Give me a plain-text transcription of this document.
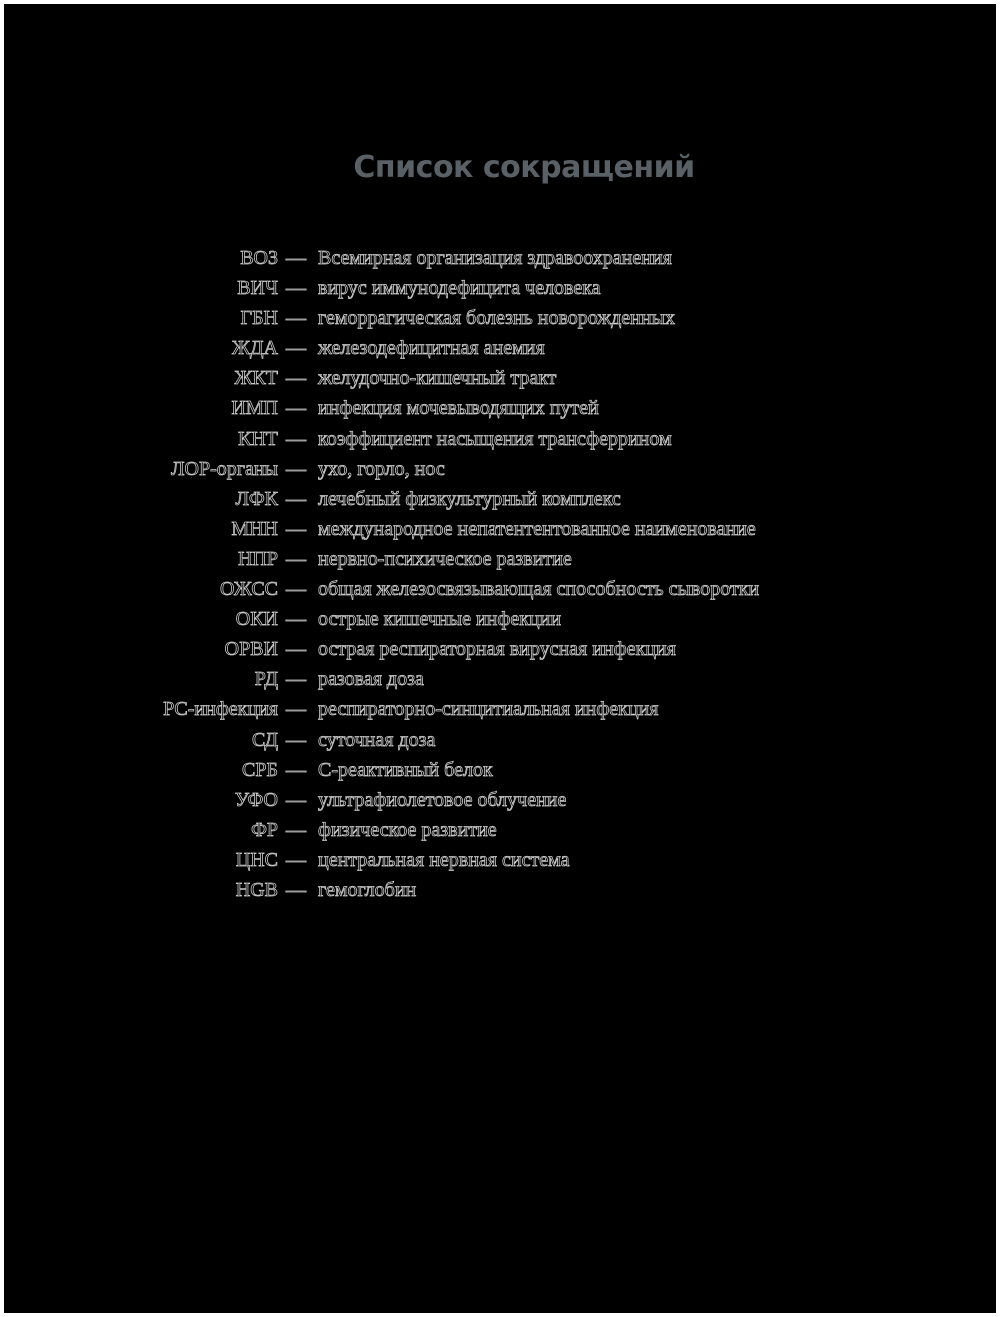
Список сокращений
ВОЗ — Всемирная организация здравоохранения
ВИЧ — вирус иммунодефицита человека
ГБН — геморрагическая болезнь новорожденных
ЖДА — железодефицитная анемия
ЖКТ — желудочно-кишечный тракт
ИМП — инфекция мочевыводящих путей
КНТ — коэффициент насыщения трансферрином
ЛОР-органы — ухо, горло, нос
ЛФК — лечебный физкультурный комплекс
МНН — международное непатентентованное наименование
НПР — нервно-психическое развитие
ОЖСС — общая железосвязывающая способность сыворотки
ОКИ — острые кишечные инфекции
ОРВИ — острая респираторная вирусная инфекция
РД — разовая доза
РС-инфекция — респираторно-синцитиальная инфекция
СД — суточная доза
СРБ — С-реактивный белок
УФО — ультрафиолетовое облучение
ФР — физическое развитие
ЦНС — центральная нервная система
HGB — гемоглобин
